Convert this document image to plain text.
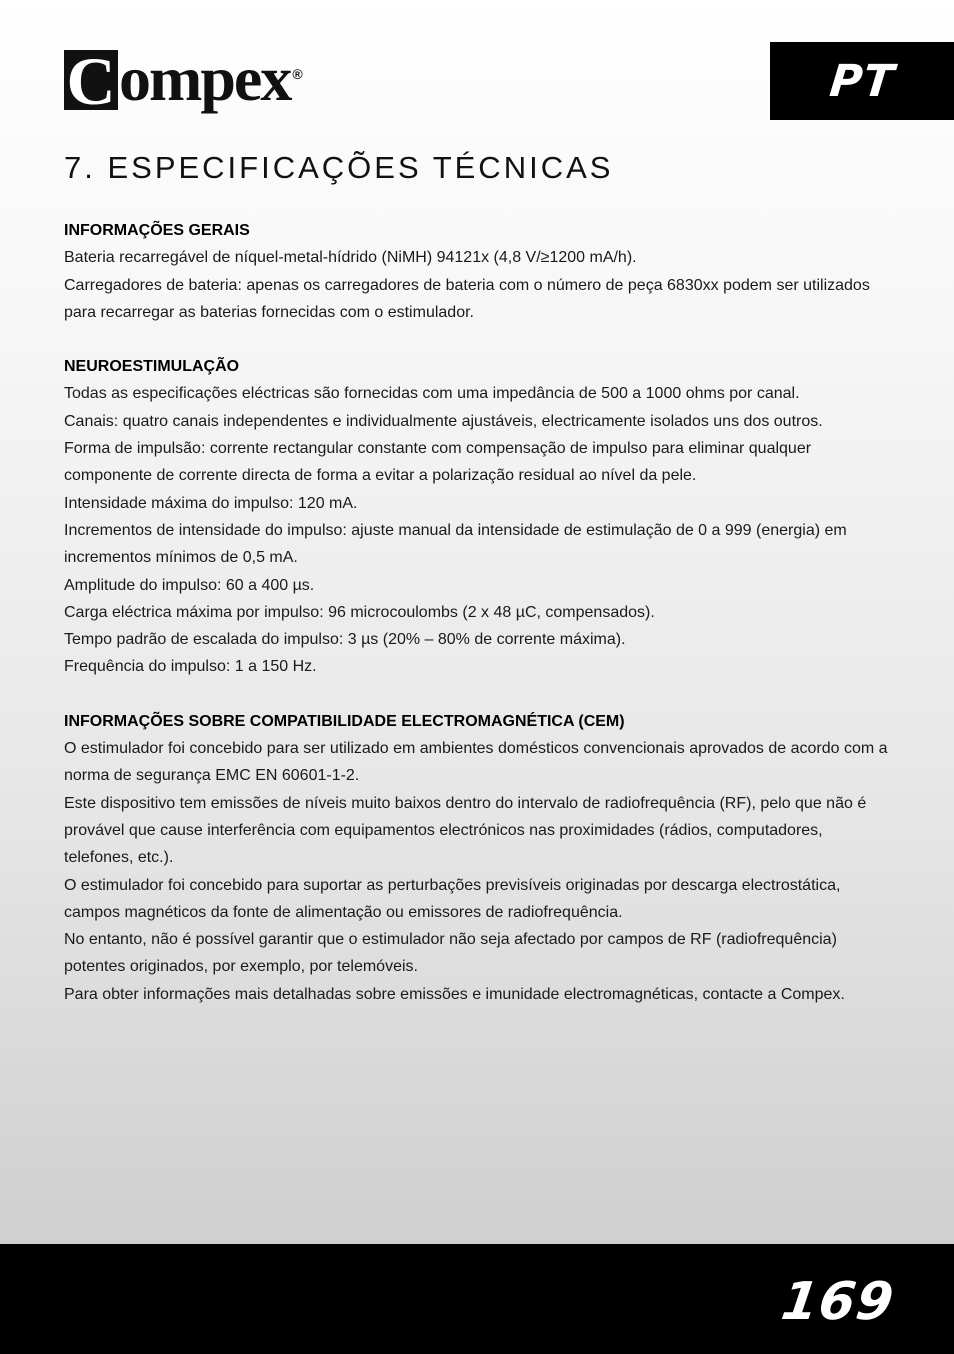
C ompex ®	PT
7. ESPECIFICAÇÕES TÉCNICAS

INFORMAÇÕES GERAIS

Bateria recarregável de níquel-metal-hídrido (NiMH) 94121x (4,8 V/≥1200 mA/h).

Carregadores de bateria: apenas os carregadores de bateria com o número de peça 6830xx podem ser utilizados para recarregar as baterias fornecidas com o estimulador.

NEUROESTIMULAÇÃO

Todas as especificações eléctricas são fornecidas com uma impedância de 500 a 1000 ohms por canal.

Canais: quatro canais independentes e individualmente ajustáveis, electricamente isolados uns dos outros.

Forma de impulsão: corrente rectangular constante com compensação de impulso para eliminar qualquer componente de corrente directa de forma a evitar a polarização residual ao nível da pele.

Intensidade máxima do impulso: 120 mA.

Incrementos de intensidade do impulso: ajuste manual da intensidade de estimulação de 0 a 999 (energia) em incrementos mínimos de 0,5 mA.

Amplitude do impulso: 60 a 400 µs.

Carga eléctrica máxima por impulso: 96 microcoulombs (2 x 48 µC, compensados).

Tempo padrão de escalada do impulso: 3 µs (20% – 80% de corrente máxima).

Frequência do impulso: 1 a 150 Hz.

INFORMAÇÕES SOBRE COMPATIBILIDADE ELECTROMAGNÉTICA (CEM)

O estimulador foi concebido para ser utilizado em ambientes domésticos convencionais aprovados de acordo com a norma de segurança EMC EN 60601-1-2.

Este dispositivo tem emissões de níveis muito baixos dentro do intervalo de radiofrequência (RF), pelo que não é provável que cause interferência com equipamentos electrónicos nas proximidades (rádios, computadores, telefones, etc.).

O estimulador foi concebido para suportar as perturbações previsíveis originadas por descarga electrostática, campos magnéticos da fonte de alimentação ou emissores de radiofrequência.

No entanto, não é possível garantir que o estimulador não seja afectado por campos de RF (radiofrequência) potentes originados, por exemplo, por telemóveis.

Para obter informações mais detalhadas sobre emissões e imunidade electromagnéticas, contacte a Compex.

169
